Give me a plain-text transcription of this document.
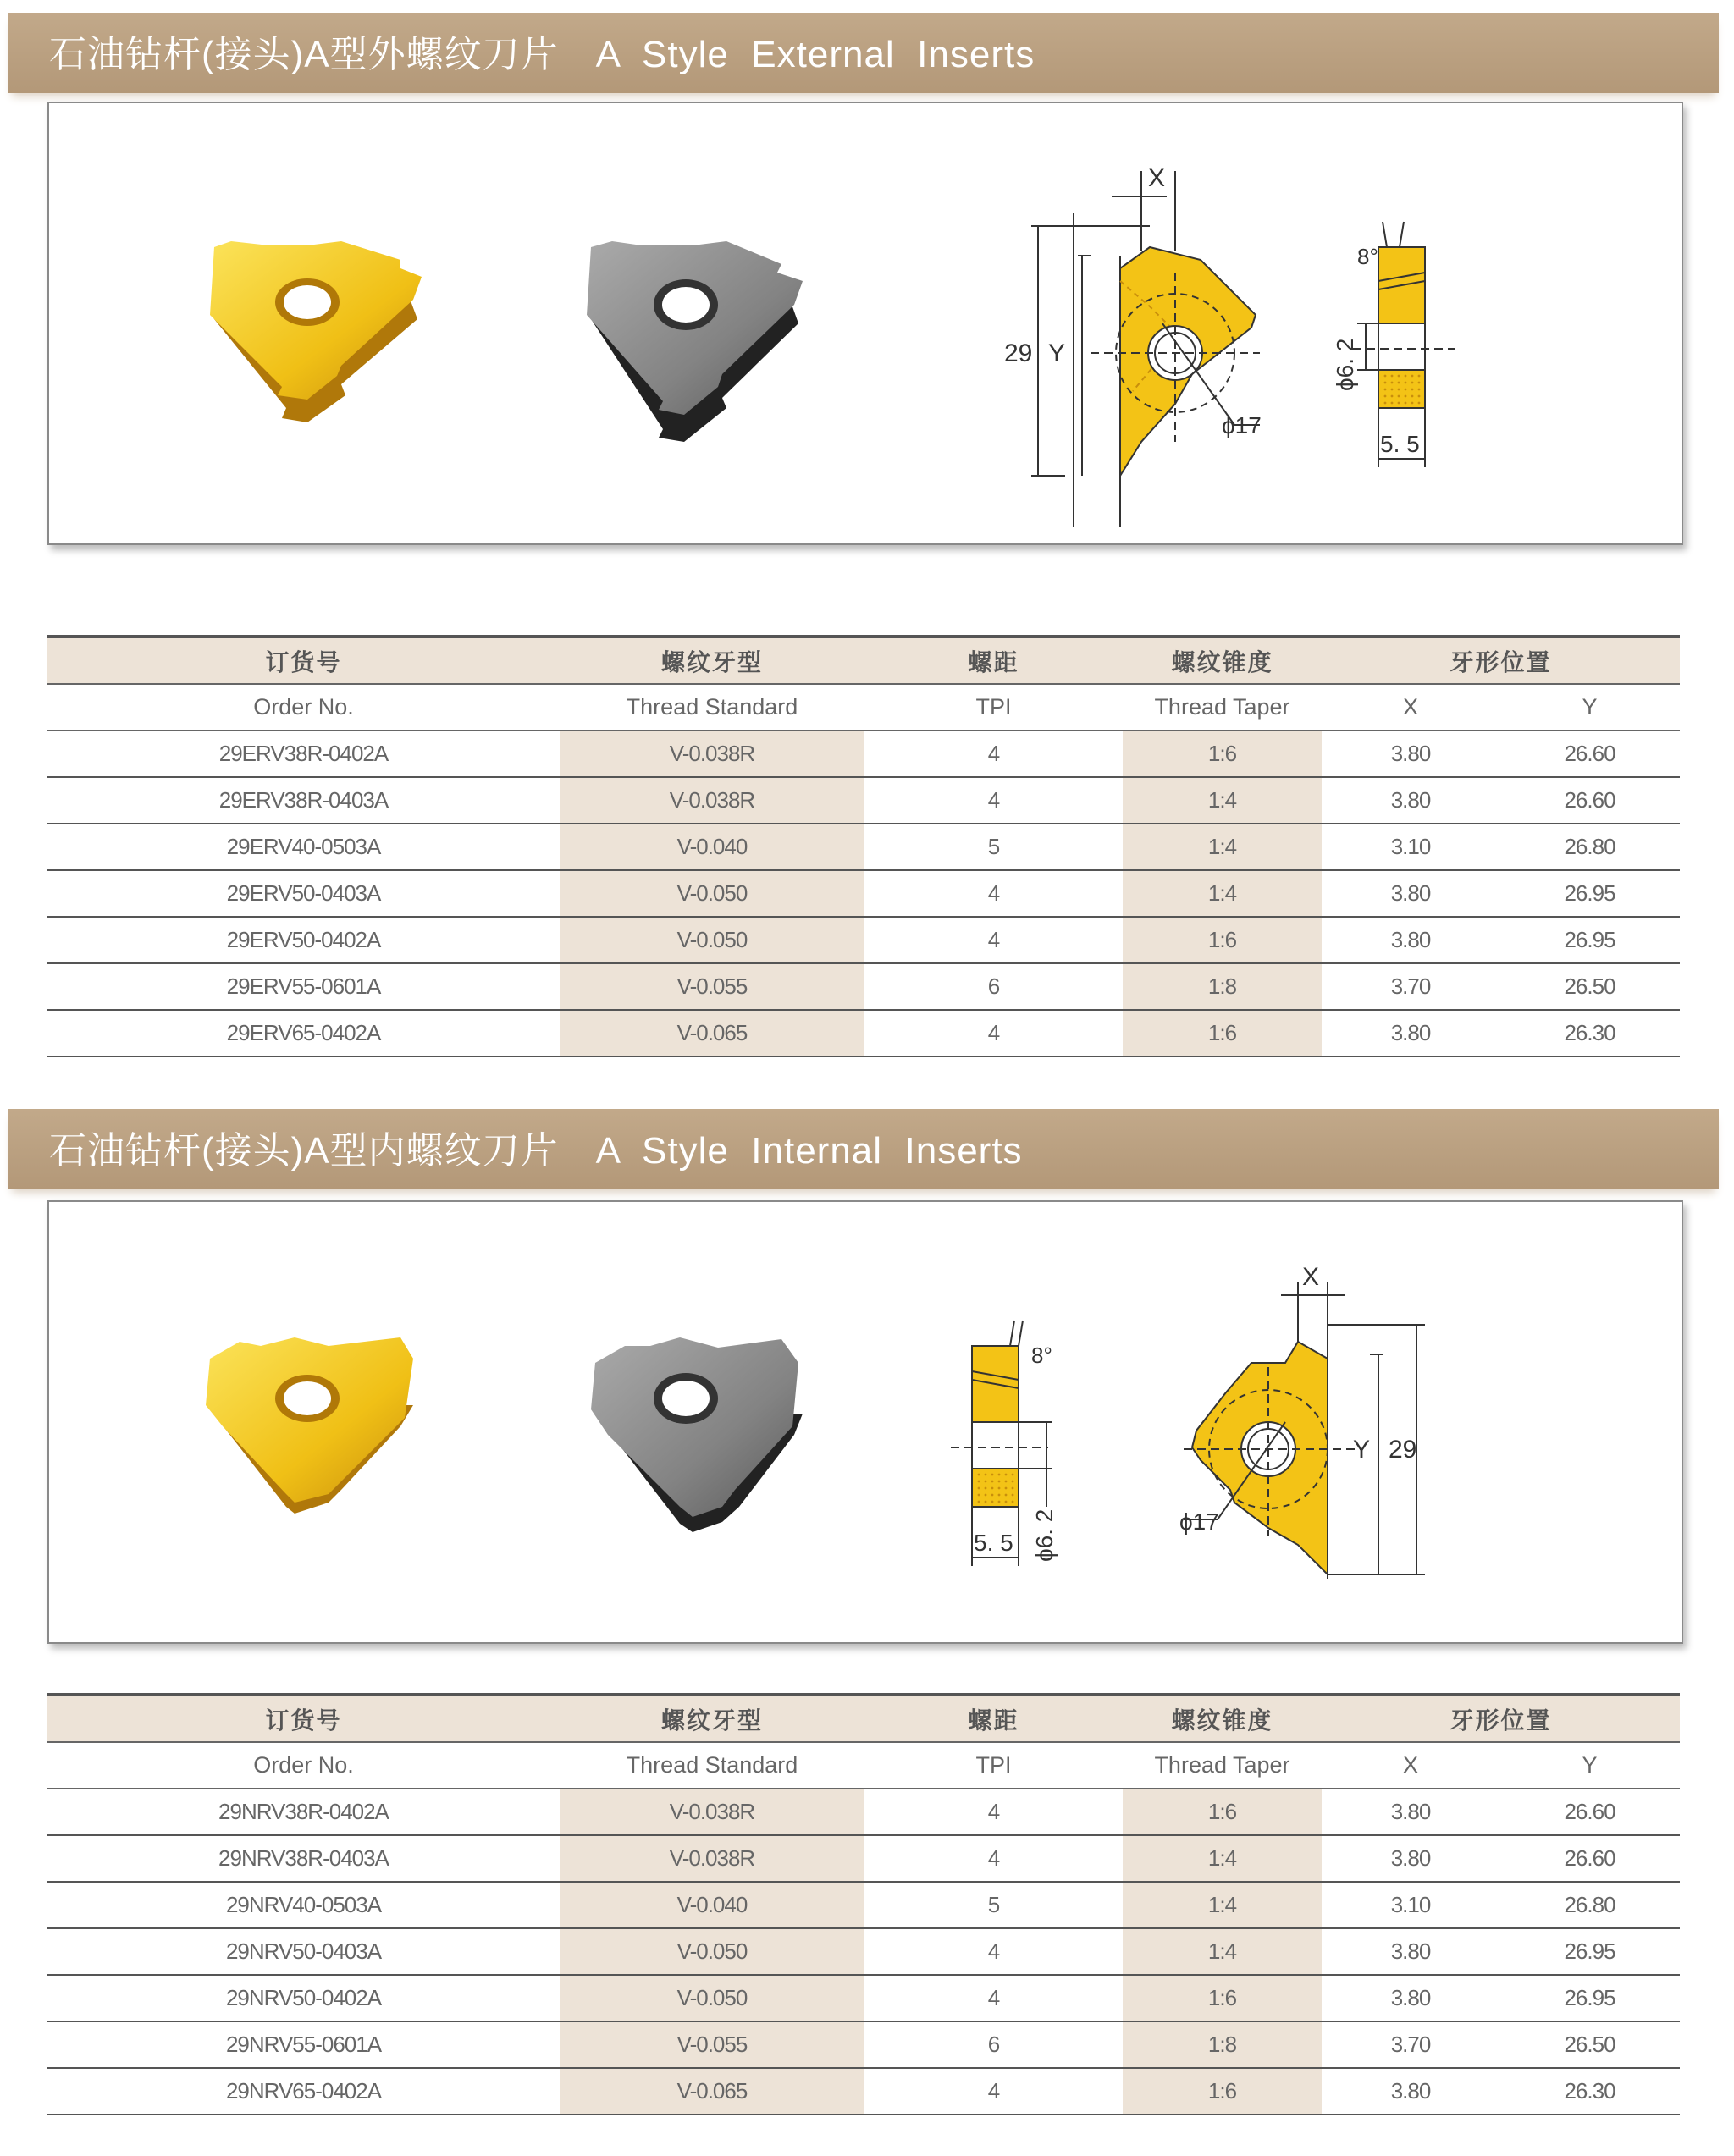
石油钻杆(接头)A型外螺纹刀片 A  Style  External  Inserts
29 Y
X
ϕ17
8°
ϕ6. 2
5. 5
订货号	螺纹牙型	螺距	螺纹锥度	牙形位置	
Order No.	Thread Standard	TPI	Thread Taper	X	Y
29ERV38R-0402A	V-0.038R	4	1:6	3.80	26.60
29ERV38R-0403A	V-0.038R	4	1:4	3.80	26.60
29ERV40-0503A	V-0.040	5	1:4	3.10	26.80
29ERV50-0403A	V-0.050	4	1:4	3.80	26.95
29ERV50-0402A	V-0.050	4	1:6	3.80	26.95
29ERV55-0601A	V-0.055	6	1:8	3.70	26.50
29ERV65-0402A	V-0.065	4	1:6	3.80	26.30
石油钻杆(接头)A型内螺纹刀片 A  Style  Internal  Inserts
8°
ϕ6. 2
5. 5
Y 29
X
ϕ17
订货号	螺纹牙型	螺距	螺纹锥度	牙形位置	
Order No.	Thread Standard	TPI	Thread Taper	X	Y
29NRV38R-0402A	V-0.038R	4	1:6	3.80	26.60
29NRV38R-0403A	V-0.038R	4	1:4	3.80	26.60
29NRV40-0503A	V-0.040	5	1:4	3.10	26.80
29NRV50-0403A	V-0.050	4	1:4	3.80	26.95
29NRV50-0402A	V-0.050	4	1:6	3.80	26.95
29NRV55-0601A	V-0.055	6	1:8	3.70	26.50
29NRV65-0402A	V-0.065	4	1:6	3.80	26.30
